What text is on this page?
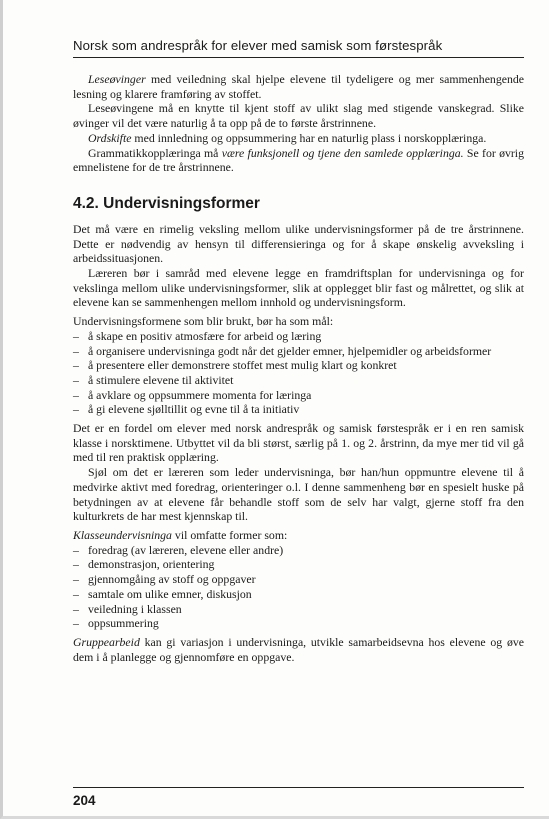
Norsk som andrespråk for elever med samisk som førstespråk

Leseøvinger med veiledning skal hjelpe elevene til tydeligere og mer sammenhengende lesning og klarere framføring av stoffet.

Leseøvingene må en knytte til kjent stoff av ulikt slag med stigende vanskegrad. Slike øvinger vil det være naturlig å ta opp på de to første årstrinnene.

Ordskifte med innledning og oppsummering har en naturlig plass i norskopplæringa.

Grammatikkopplæringa må være funksjonell og tjene den samlede opplæringa. Se for øvrig emnelistene for de tre årstrinnene.

4.2. Undervisningsformer

Det må være en rimelig veksling mellom ulike undervisningsformer på de tre årstrinnene. Dette er nødvendig av hensyn til differensieringa og for å skape ønskelig avveksling i arbeidssituasjonen.

Læreren bør i samråd med elevene legge en framdriftsplan for undervisninga og for vekslinga mellom ulike undervisningsformer, slik at opplegget blir fast og målrettet, og slik at elevene kan se sammenhengen mellom innhold og undervisningsform.

Undervisningsformene som blir brukt, bør ha som mål:

– å skape en positiv atmosfære for arbeid og læring
– å organisere undervisninga godt når det gjelder emner, hjelpemidler og arbeidsformer
– å presentere eller demonstrere stoffet mest mulig klart og konkret
– å stimulere elevene til aktivitet
– å avklare og oppsummere momenta for læringa
– å gi elevene sjølltillit og evne til å ta initiativ

Det er en fordel om elever med norsk andrespråk og samisk førstespråk er i en ren samisk klasse i norsktimene. Utbyttet vil da bli størst, særlig på 1. og 2. årstrinn, da mye mer tid vil gå med til ren praktisk opplæring.

Sjøl om det er læreren som leder undervisninga, bør han/hun oppmuntre elevene til å medvirke aktivt med foredrag, orienteringer o.l. I denne sammenheng bør en spesielt huske på betydningen av at elevene får behandle stoff som de selv har valgt, gjerne stoff fra den kulturkrets de har mest kjennskap til.

Klasseundervisninga vil omfatte former som:

– foredrag (av læreren, elevene eller andre)
– demonstrasjon, orientering
– gjennomgåing av stoff og oppgaver
– samtale om ulike emner, diskusjon
– veiledning i klassen
– oppsummering

Gruppearbeid kan gi variasjon i undervisninga, utvikle samarbeidsevna hos elevene og øve dem i å planlegge og gjennomføre en oppgave.

204
